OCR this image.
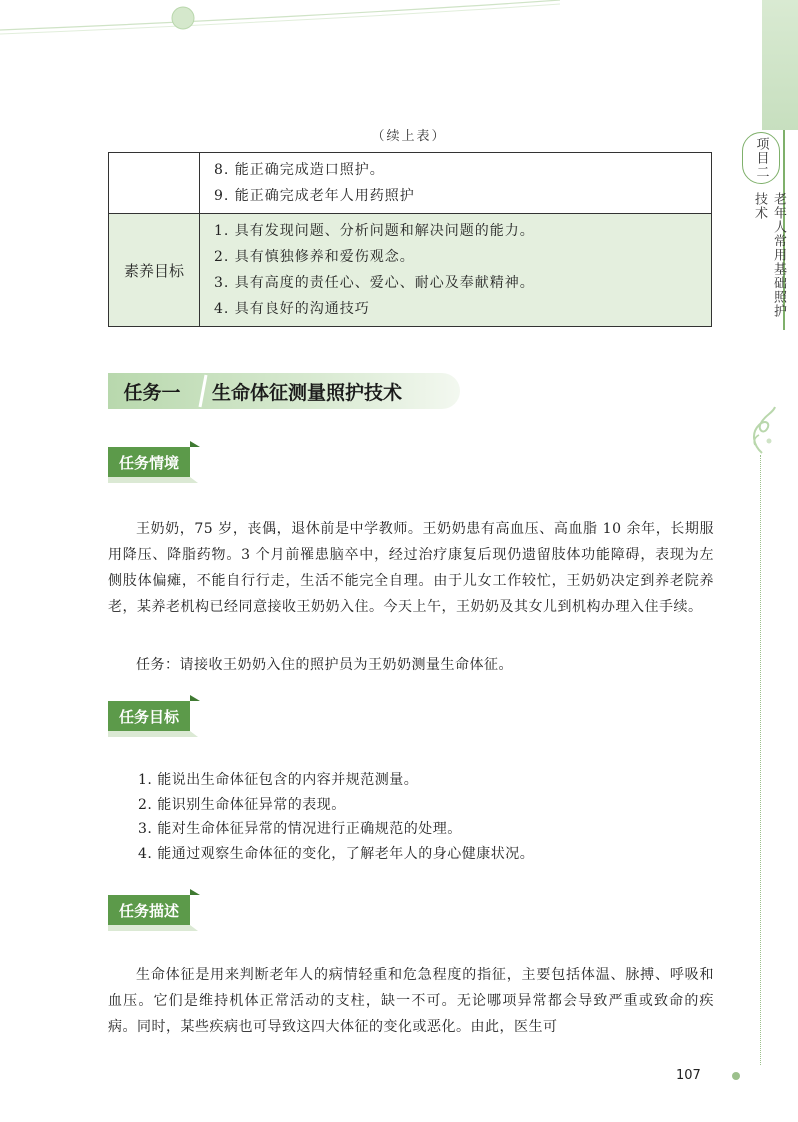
项目二
老年人常用基础照护技术
（续上表）

	8. 能正确完成造口照护。
9. 能正确完成老年人用药照护

素养目标	1. 具有发现问题、分析问题和解决问题的能力。
2. 具有慎独修养和爱伤观念。
3. 具有高度的责任心、爱心、耐心及奉献精神。
4. 具有良好的沟通技巧
任务一	生命体征测量照护技术
任务情境

王奶奶，75 岁，丧偶，退休前是中学教师。王奶奶患有高血压、高血脂 10 余年，长期服用降压、降脂药物。3 个月前罹患脑卒中，经过治疗康复后现仍遗留肢体功能障碍，表现为左侧肢体偏瘫，不能自行行走，生活不能完全自理。由于儿女工作较忙，王奶奶决定到养老院养老，某养老机构已经同意接收王奶奶入住。今天上午，王奶奶及其女儿到机构办理入住手续。

任务：请接收王奶奶入住的照护员为王奶奶测量生命体征。

任务目标
1. 能说出生命体征包含的内容并规范测量。
2. 能识别生命体征异常的表现。
3. 能对生命体征异常的情况进行正确规范的处理。
4. 能通过观察生命体征的变化，了解老年人的身心健康状况。
任务描述

生命体征是用来判断老年人的病情轻重和危急程度的指征，主要包括体温、脉搏、呼吸和血压。它们是维持机体正常活动的支柱，缺一不可。无论哪项异常都会导致严重或致命的疾病。同时，某些疾病也可导致这四大体征的变化或恶化。由此，医生可

107
